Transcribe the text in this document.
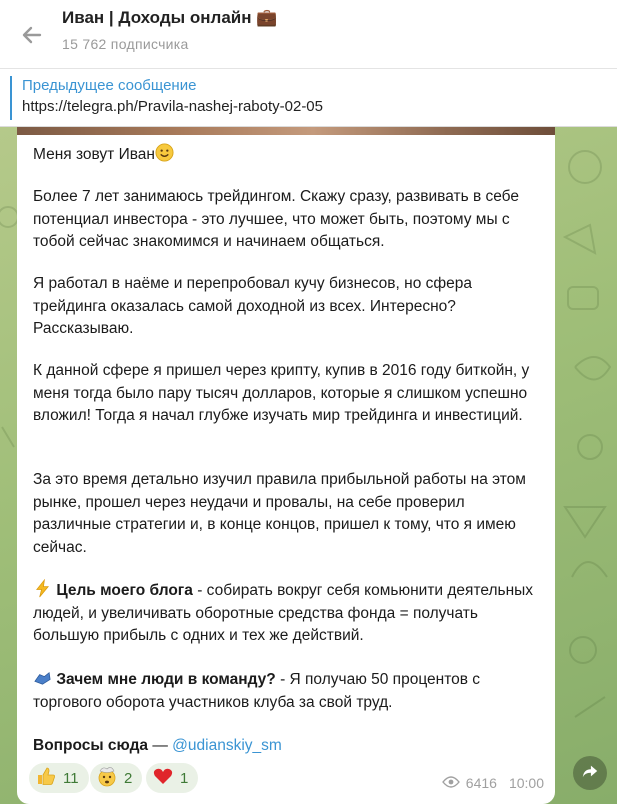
Иван | Доходы онлайн 💼
15 762 подписчика
Предыдущее сообщение
https://telegra.ph/Pravila-nashej-raboty-02-05
Меня зовут Иван
Более 7 лет занимаюсь трейдингом. Скажу сразу, развивать в себе потенциал инвестора - это лучшее, что может быть, поэтому мы с тобой сейчас знакомимся и начинаем общаться.
Я работал в наёме и перепробовал кучу бизнесов, но сфера трейдинга оказалась самой доходной из всех. Интересно? Рассказываю.
К данной сфере я пришел через крипту, купив в 2016 году биткойн, у меня тогда было пару тысяч долларов, которые я слишком успешно вложил! Тогда я начал глубже изучать мир трейдинга и инвестиций.
За это время детально изучил правила прибыльной работы на этом рынке, прошел через неудачи и провалы, на себе проверил различные стратегии и, в конце концов, пришел к тому, что я имею сейчас.
Цель моего блога - собирать вокруг себя комьюнити деятельных людей, и увеличивать оборотные средства фонда = получать большую прибыль с одних и тех же действий.
Зачем мне люди в команду? - Я получаю 50 процентов с торгового оборота участников клуба за свой труд.
Вопросы сюда — @udianskiy_sm
11	2	1	6416 10:00
